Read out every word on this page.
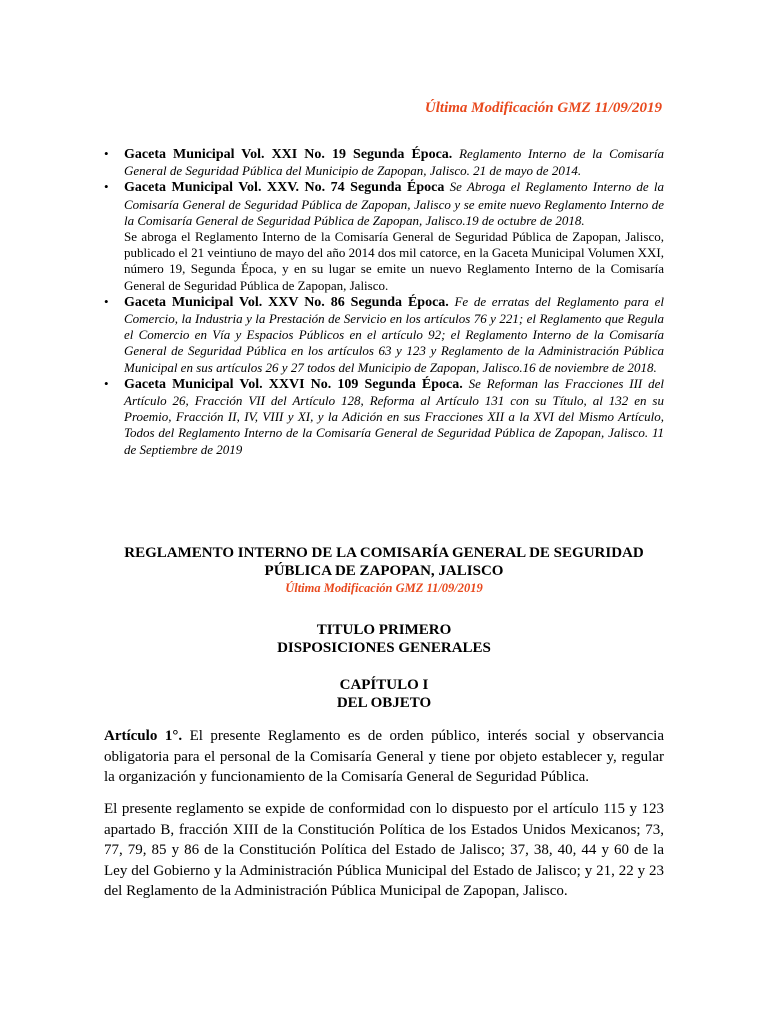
Última Modificación GMZ 11/09/2019
• Gaceta Municipal Vol. XXI No. 19 Segunda Época. Reglamento Interno de la Comisaría General de Seguridad Pública del Municipio de Zapopan, Jalisco. 21 de mayo de 2014.
• Gaceta Municipal Vol. XXV. No. 74 Segunda Época Se Abroga el Reglamento Interno de la Comisaría General de Seguridad Pública de Zapopan, Jalisco y se emite nuevo Reglamento Interno de la Comisaría General de Seguridad Pública de Zapopan, Jalisco.19 de octubre de 2018.
Se abroga el Reglamento Interno de la Comisaría General de Seguridad Pública de Zapopan, Jalisco, publicado el 21 veintiuno de mayo del año 2014 dos mil catorce, en la Gaceta Municipal Volumen XXI, número 19, Segunda Época, y en su lugar se emite un nuevo Reglamento Interno de la Comisaría General de Seguridad Pública de Zapopan, Jalisco.
• Gaceta Municipal Vol. XXV No. 86 Segunda Época. Fe de erratas del Reglamento para el Comercio, la Industria y la Prestación de Servicio en los artículos 76 y 221; el Reglamento que Regula el Comercio en Vía y Espacios Públicos en el artículo 92; el Reglamento Interno de la Comisaría General de Seguridad Pública en los artículos 63 y 123 y Reglamento de la Administración Pública Municipal en sus artículos 26 y 27 todos del Municipio de Zapopan, Jalisco.16 de noviembre de 2018.
• Gaceta Municipal Vol. XXVI No. 109 Segunda Época. Se Reforman las Fracciones III del Artículo 26, Fracción VII del Artículo 128, Reforma al Artículo 131 con su Título, al 132 en su Proemio, Fracción II, IV, VIII y XI, y la Adición en sus Fracciones XII a la XVI del Mismo Artículo, Todos del Reglamento Interno de la Comisaría General de Seguridad Pública de Zapopan, Jalisco. 11 de Septiembre de 2019
REGLAMENTO INTERNO DE LA COMISARÍA GENERAL DE SEGURIDAD
PÚBLICA DE ZAPOPAN, JALISCO
Última Modificación GMZ 11/09/2019
TITULO PRIMERO
DISPOSICIONES GENERALES
CAPÍTULO I
DEL OBJETO

Artículo 1°. El presente Reglamento es de orden público, interés social y observancia obligatoria para el personal de la Comisaría General y tiene por objeto establecer y, regular la organización y funcionamiento de la Comisaría General de Seguridad Pública.

El presente reglamento se expide de conformidad con lo dispuesto por el artículo 115 y 123 apartado B, fracción XIII de la Constitución Política de los Estados Unidos Mexicanos; 73, 77, 79, 85 y 86 de la Constitución Política del Estado de Jalisco; 37, 38, 40, 44 y 60 de la Ley del Gobierno y la Administración Pública Municipal del Estado de Jalisco; y 21, 22 y 23 del Reglamento de la Administración Pública Municipal de Zapopan, Jalisco.
